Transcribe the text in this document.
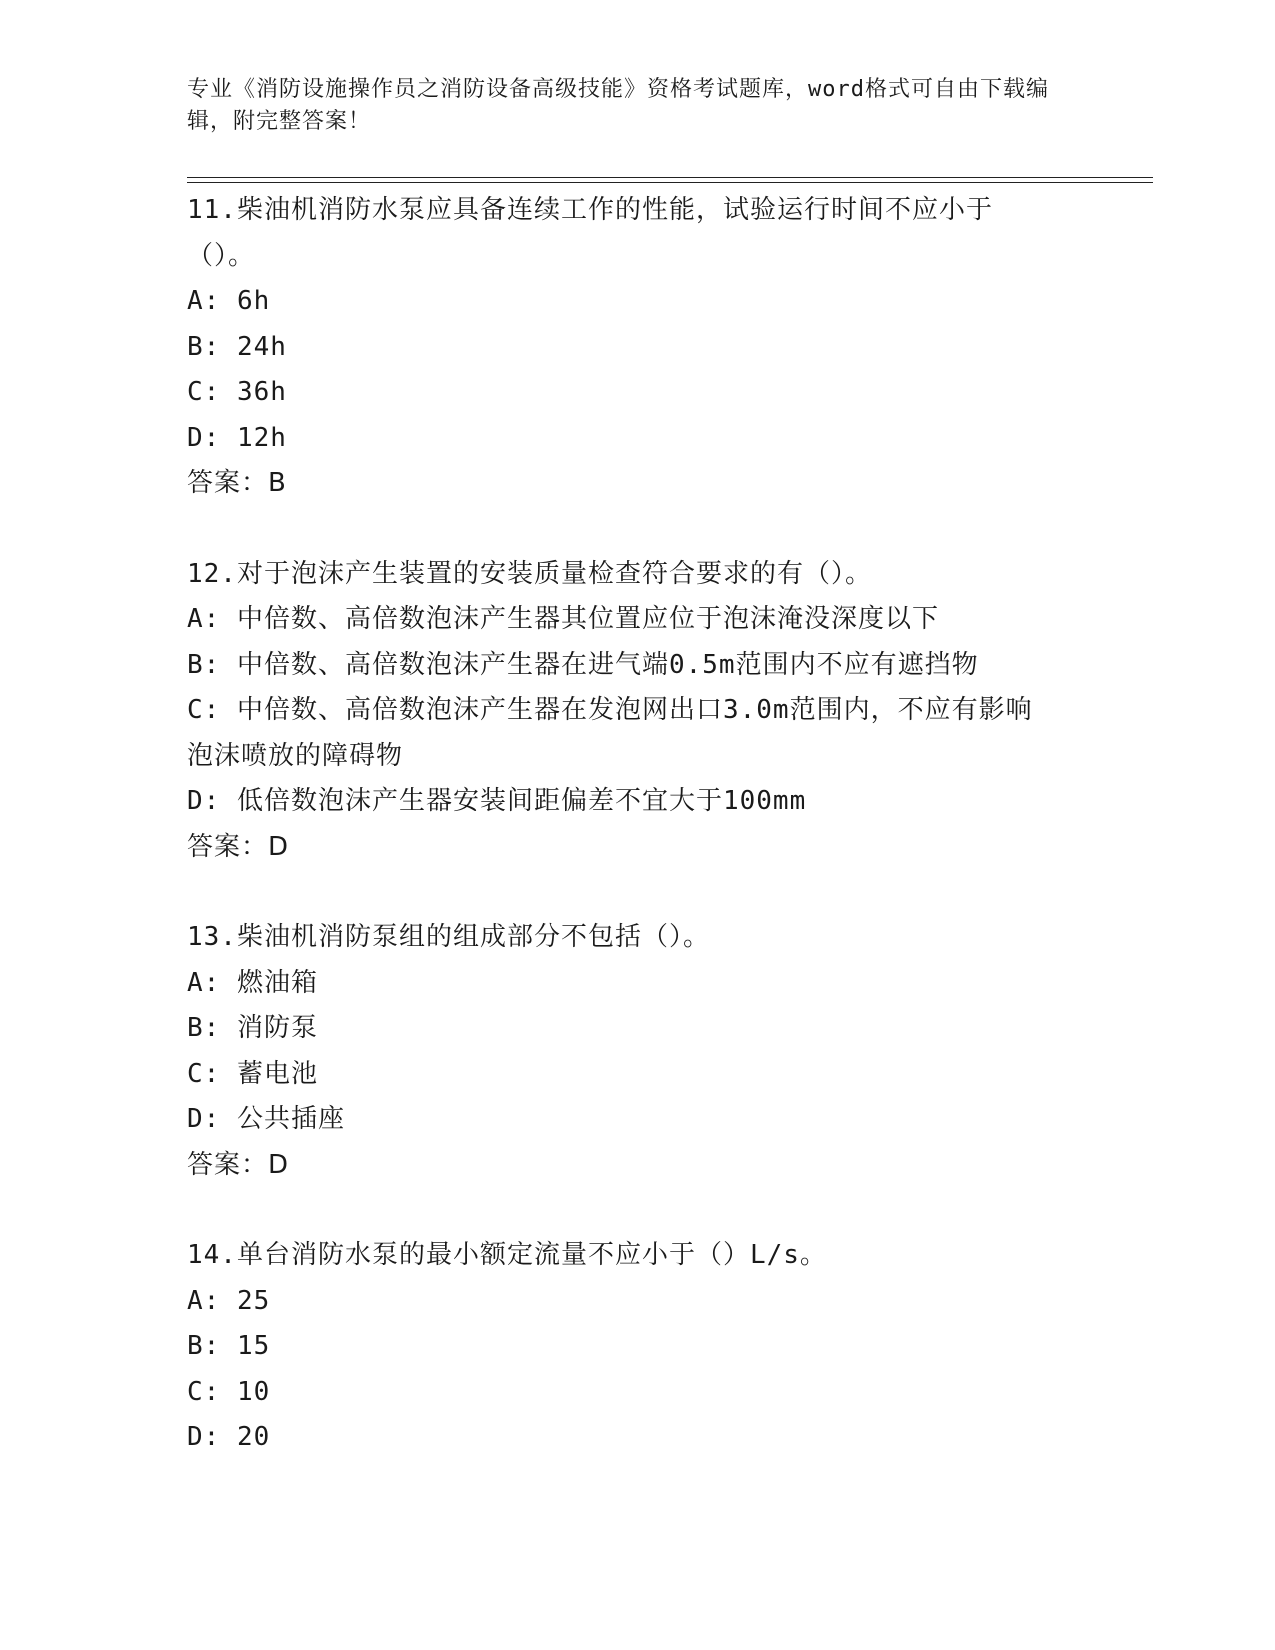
专业《消防设施操作员之消防设备高级技能》资格考试题库，word格式可自由下载编辑，附完整答案！
11.柴油机消防水泵应具备连续工作的性能，试验运行时间不应小于（）。
A: 6h
B: 24h
C: 36h
D: 12h
答案：B
12.对于泡沫产生装置的安装质量检查符合要求的有（）。
A: 中倍数、高倍数泡沫产生器其位置应位于泡沫淹没深度以下
B: 中倍数、高倍数泡沫产生器在进气端0.5m范围内不应有遮挡物
C: 中倍数、高倍数泡沫产生器在发泡网出口3.0m范围内，不应有影响泡沫喷放的障碍物
D: 低倍数泡沫产生器安装间距偏差不宜大于100mm
答案：D
13.柴油机消防泵组的组成部分不包括（）。
A: 燃油箱
B: 消防泵
C: 蓄电池
D: 公共插座
答案：D
14.单台消防水泵的最小额定流量不应小于（）L/s。
A: 25
B: 15
C: 10
D: 20
